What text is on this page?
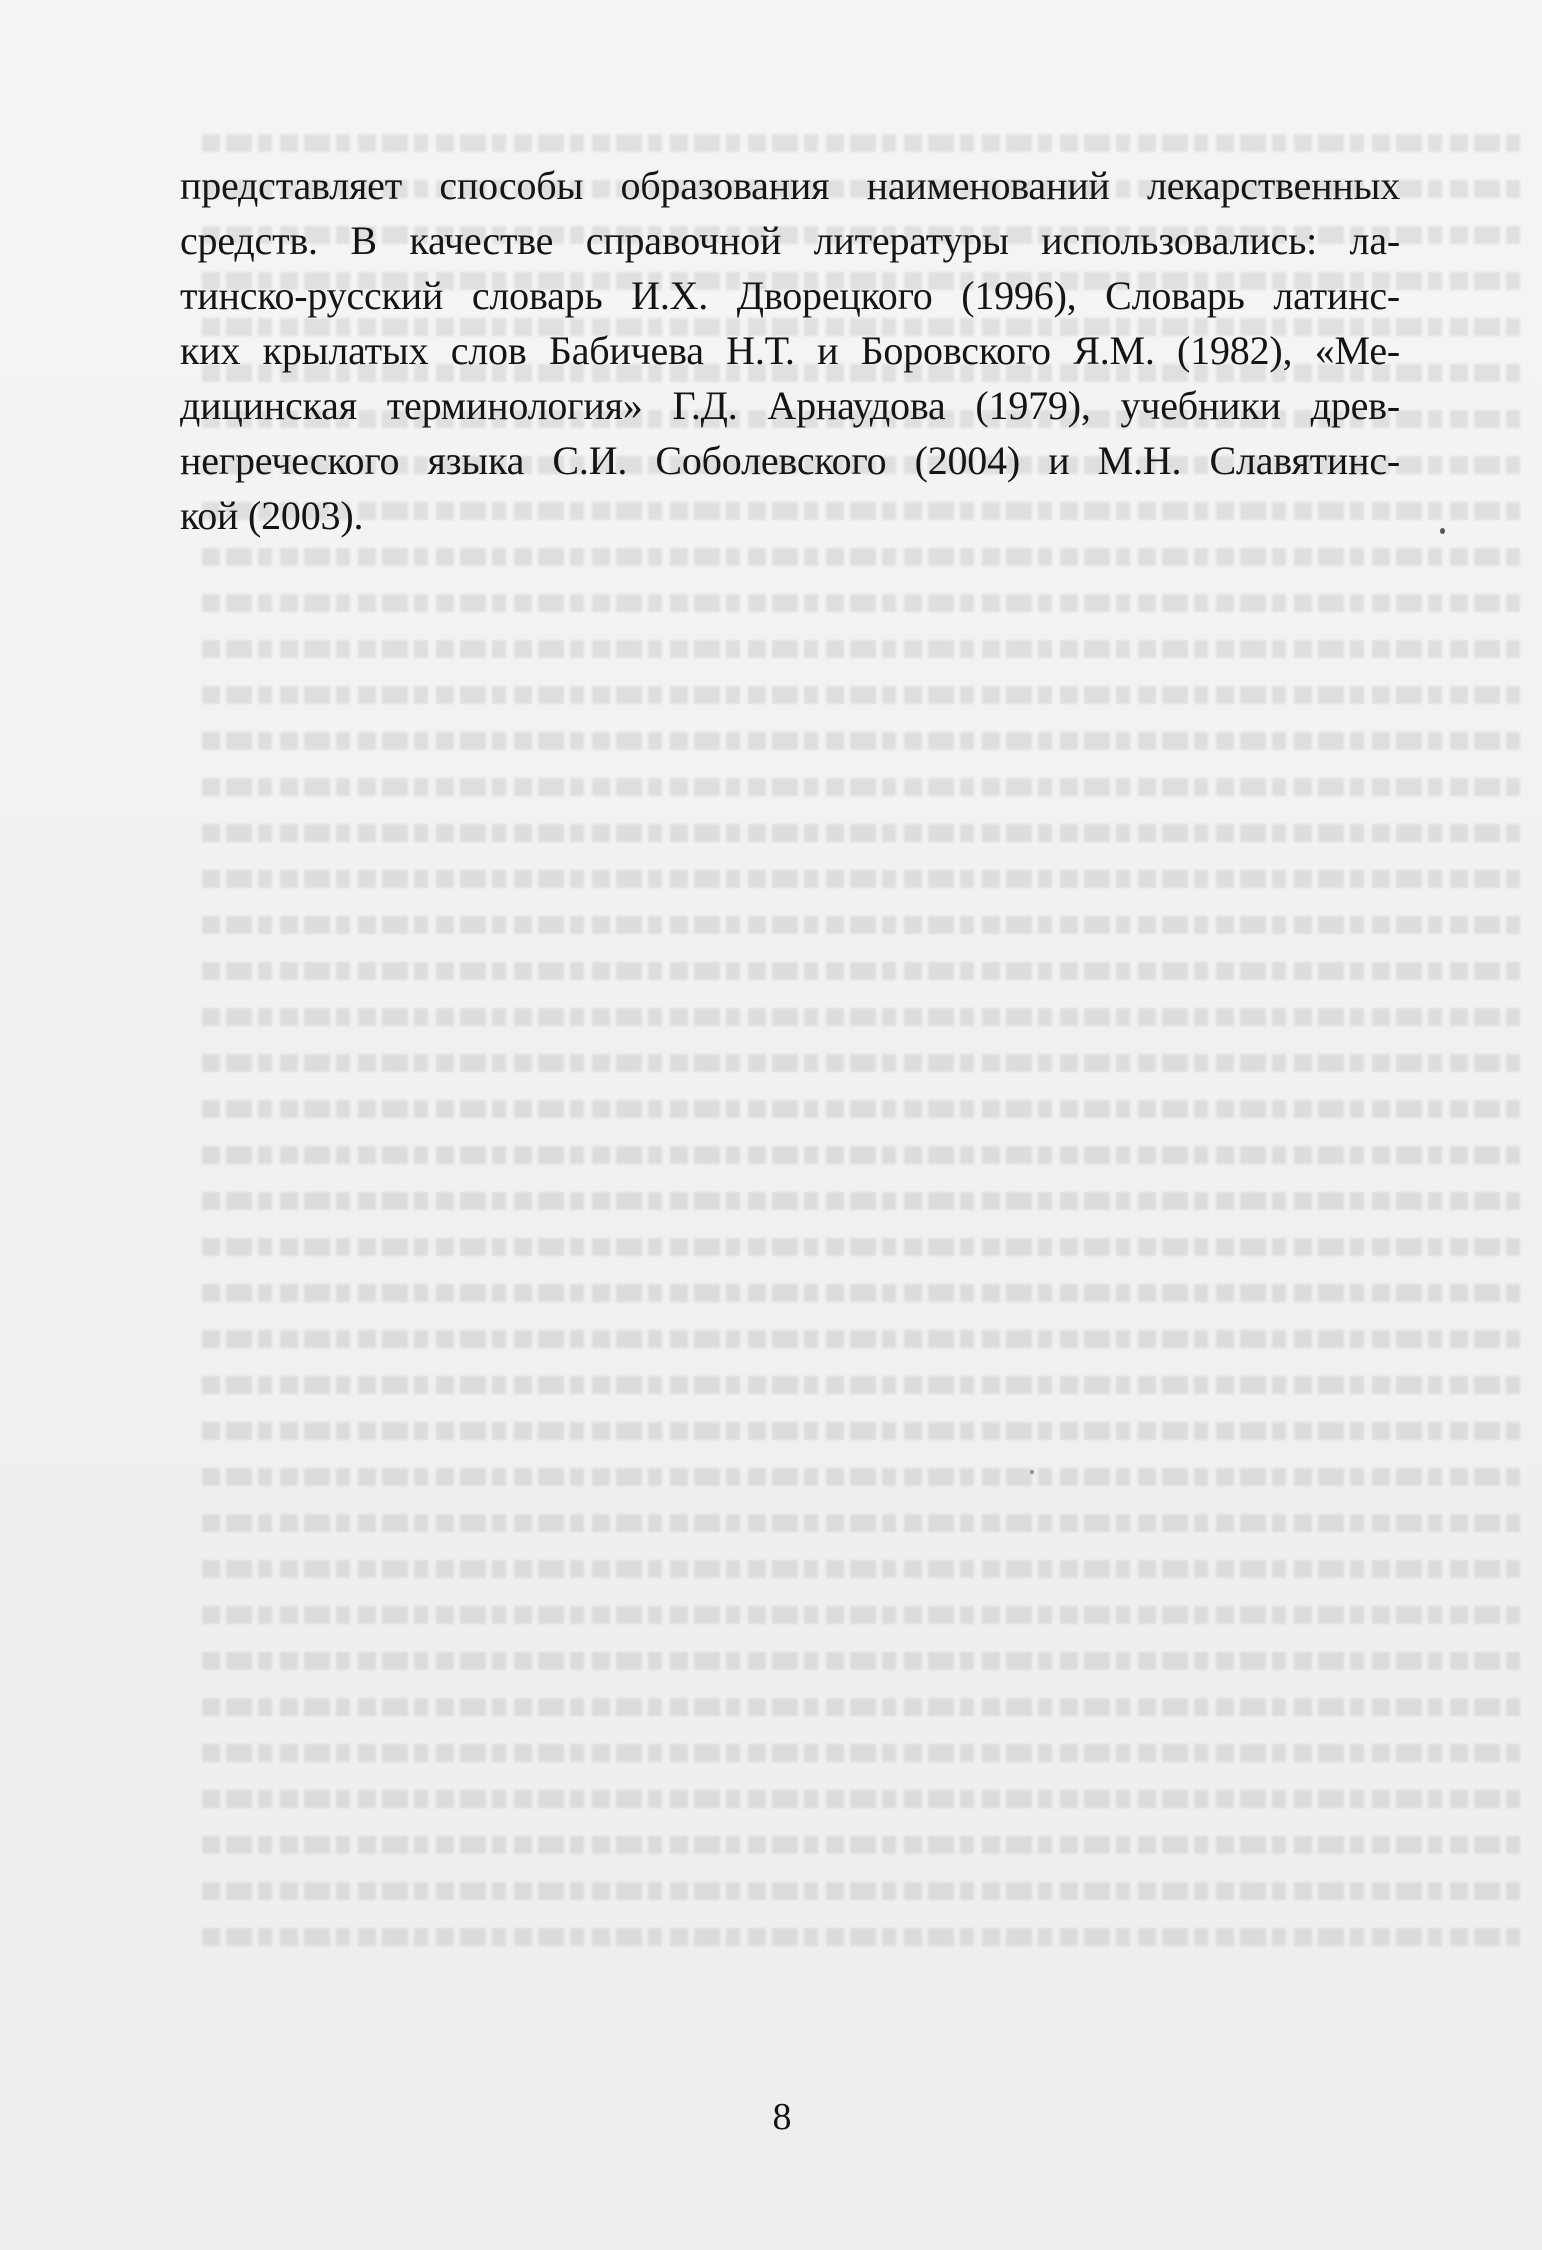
представляет способы образования наименований лекарственных
средств. В качестве справочной литературы использовались: ла-
тинско-русский словарь И.Х. Дворецкого (1996), Словарь латинс-
ких крылатых слов Бабичева Н.Т. и Боровского Я.М. (1982), «Ме-
дицинская терминология» Г.Д. Арнаудова (1979), учебники древ-
негреческого языка С.И. Соболевского (2004) и М.Н. Славятинс-
кой (2003).

8
